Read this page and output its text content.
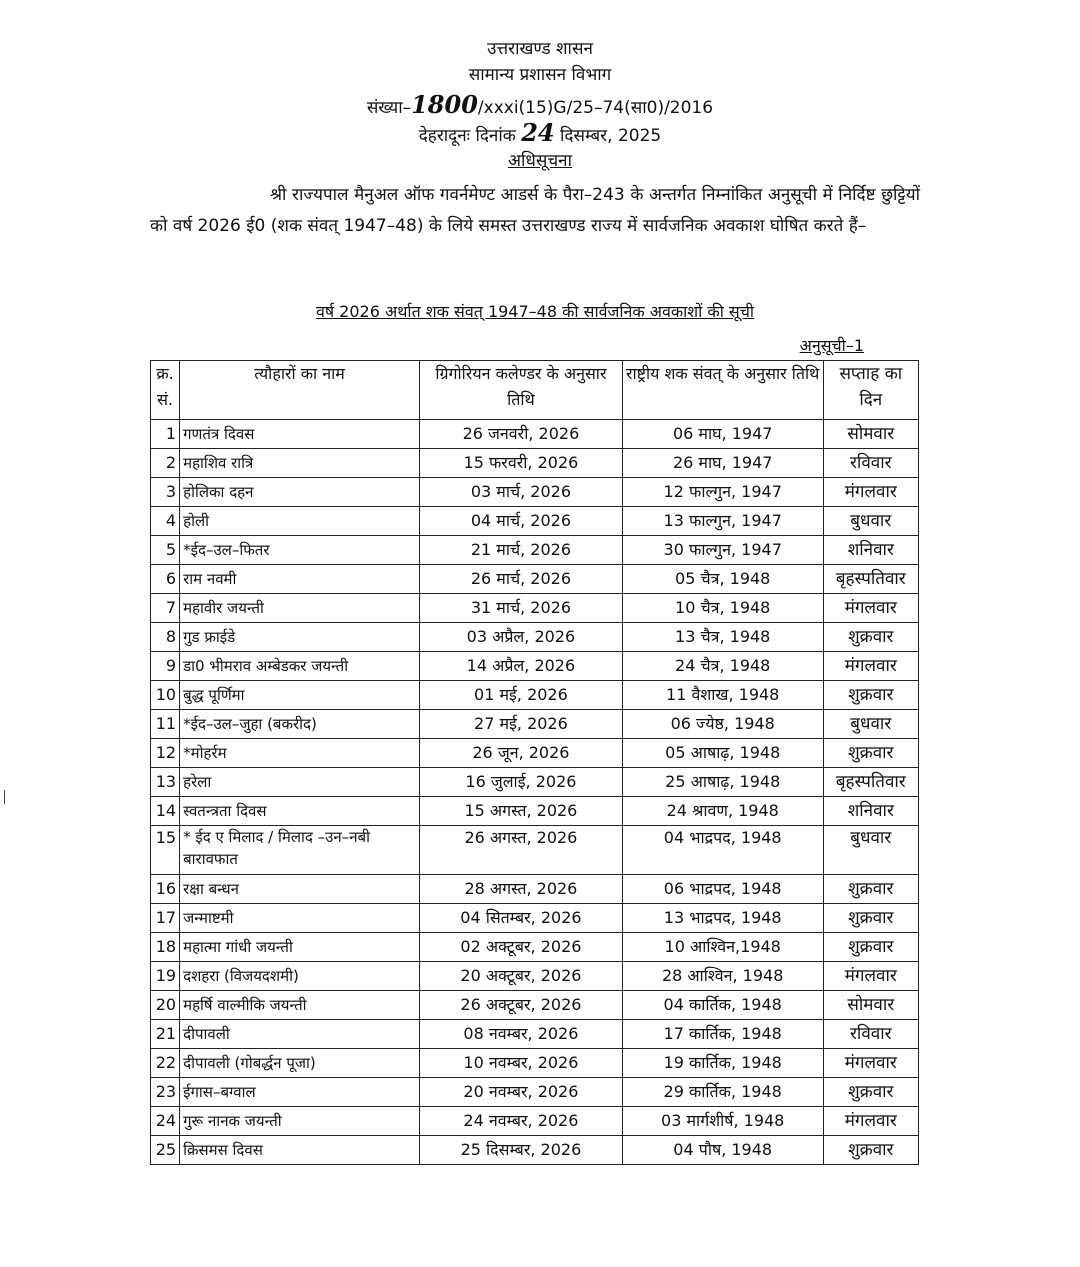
उत्तराखण्ड शासन
सामान्य प्रशासन विभाग
संख्या–1800/xxxi(15)G/25–74(सा0)/2016
देहरादूनः दिनांक 24 दिसम्बर, 2025
अधिसूचना
श्री राज्यपाल मैनुअल ऑफ गवर्नमेण्ट आडर्स के पैरा–243 के अन्तर्गत निम्नांकित अनुसूची में निर्दिष्ट छुट्टियों को वर्ष 2026 ई0 (शक संवत् 1947–48) के लिये समस्त उत्तराखण्ड राज्य में सार्वजनिक अवकाश घोषित करते हैं–
वर्ष 2026 अर्थात शक संवत् 1947–48 की सार्वजनिक अवकाशों की सूची
अनुसूची–1
क्र. सं.	त्यौहारों का नाम	ग्रिगोरियन कलेण्डर के अनुसार तिथि	राष्ट्रीय शक संवत् के अनुसार तिथि	सप्ताह का दिन
1	गणतंत्र दिवस	26 जनवरी, 2026	06 माघ, 1947	सोमवार
2	महाशिव रात्रि	15 फरवरी, 2026	26 माघ, 1947	रविवार
3	होलिका दहन	03 मार्च, 2026	12 फाल्गुन, 1947	मंगलवार
4	होली	04 मार्च, 2026	13 फाल्गुन, 1947	बुधवार
5	*ईद–उल–फितर	21 मार्च, 2026	30 फाल्गुन, 1947	शनिवार
6	राम नवमी	26 मार्च, 2026	05 चैत्र, 1948	बृहस्पतिवार
7	महावीर जयन्ती	31 मार्च, 2026	10 चैत्र, 1948	मंगलवार
8	गुड फ्राईडे	03 अप्रैल, 2026	13 चैत्र, 1948	शुक्रवार
9	डा0 भीमराव अम्बेडकर जयन्ती	14 अप्रैल, 2026	24 चैत्र, 1948	मंगलवार
10	बुद्ध पूर्णिमा	01 मई, 2026	11 वैशाख, 1948	शुक्रवार
11	*ईद–उल–जुहा (बकरीद)	27 मई, 2026	06 ज्येष्ठ, 1948	बुधवार
12	*मोहर्रम	26 जून, 2026	05 आषाढ़, 1948	शुक्रवार
13	हरेला	16 जुलाई, 2026	25 आषाढ़, 1948	बृहस्पतिवार
14	स्वतन्त्रता दिवस	15 अगस्त, 2026	24 श्रावण, 1948	शनिवार
15	* ईद ए मिलाद / मिलाद –उन–नबी बारावफात	26 अगस्त, 2026	04 भाद्रपद, 1948	बुधवार
16	रक्षा बन्धन	28 अगस्त, 2026	06 भाद्रपद, 1948	शुक्रवार
17	जन्माष्टमी	04 सितम्बर, 2026	13 भाद्रपद, 1948	शुक्रवार
18	महात्मा गांधी जयन्ती	02 अक्टूबर, 2026	10 आश्विन,1948	शुक्रवार
19	दशहरा (विजयदशमी)	20 अक्टूबर, 2026	28 आश्विन, 1948	मंगलवार
20	महर्षि वाल्मीकि जयन्ती	26 अक्टूबर, 2026	04 कार्तिक, 1948	सोमवार
21	दीपावली	08 नवम्बर, 2026	17 कार्तिक, 1948	रविवार
22	दीपावली (गोबर्द्धन पूजा)	10 नवम्बर, 2026	19 कार्तिक, 1948	मंगलवार
23	ईगास–बग्वाल	20 नवम्बर, 2026	29 कार्तिक, 1948	शुक्रवार
24	गुरू नानक जयन्ती	24 नवम्बर, 2026	03 मार्गशीर्ष, 1948	मंगलवार
25	क्रिसमस दिवस	25 दिसम्बर, 2026	04 पौष, 1948	शुक्रवार
